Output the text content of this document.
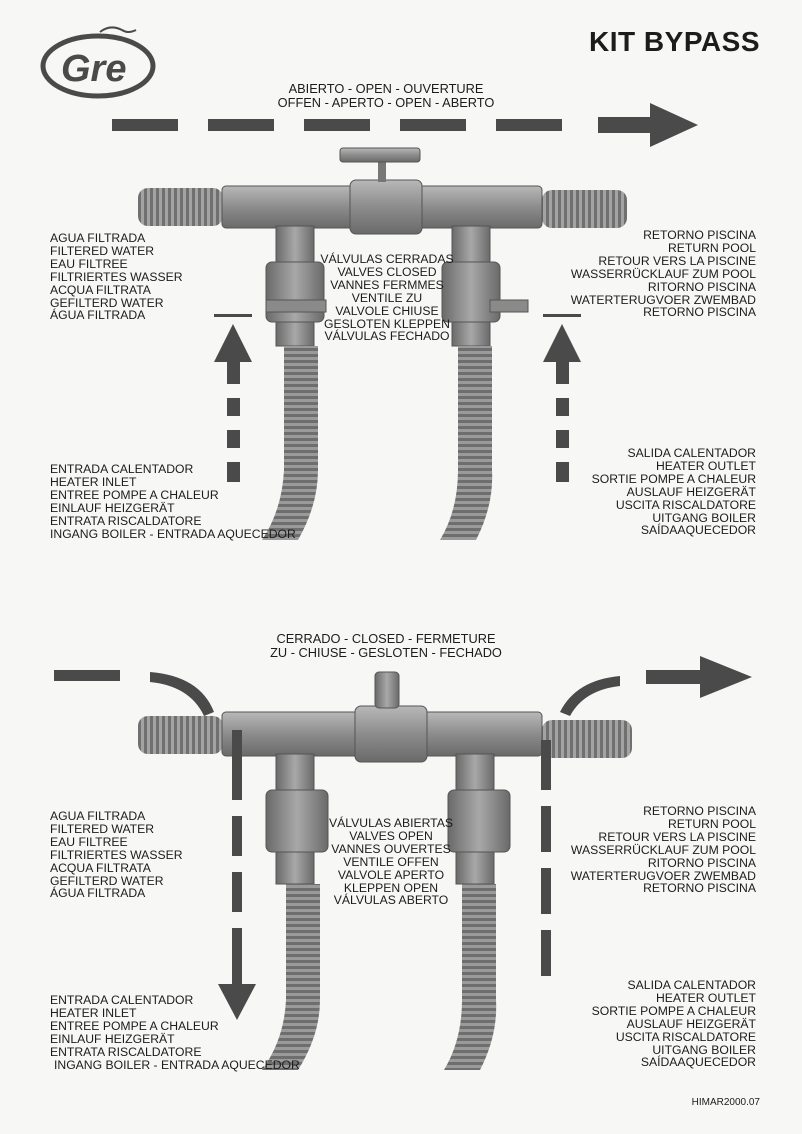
Gre
KIT BYPASS
ABIERTO - OPEN - OUVERTURE
OFFEN - APERTO - OPEN - ABERTO
AGUA FILTRADA
FILTERED WATER
EAU FILTREE
FILTRIERTES WASSER
ACQUA FILTRATA
GEFILTERD WATER
ÁGUA FILTRADA
VÁLVULAS CERRADAS
VALVES CLOSED
VANNES FERMMES
VENTILE ZU
VALVOLE CHIUSE
GESLOTEN KLEPPEN
VÁLVULAS FECHADO
RETORNO PISCINA
RETURN POOL
RETOUR VERS LA PISCINE
WASSERRÜCKLAUF ZUM POOL
RITORNO PISCINA
WATERTERUGVOER ZWEMBAD
RETORNO PISCINA
ENTRADA CALENTADOR
HEATER INLET
ENTREE POMPE A CHALEUR
EINLAUF HEIZGERÄT
ENTRATA RISCALDATORE
INGANG BOILER - ENTRADA AQUECEDOR
SALIDA CALENTADOR
HEATER OUTLET
SORTIE POMPE A CHALEUR
AUSLAUF HEIZGERÄT
USCITA RISCALDATORE
UITGANG BOILER
SAÍDAAQUECEDOR
CERRADO - CLOSED - FERMETURE
ZU - CHIUSE - GESLOTEN - FECHADO
AGUA FILTRADA
FILTERED WATER
EAU FILTREE
FILTRIERTES WASSER
ACQUA FILTRATA
GEFILTERD WATER
ÁGUA FILTRADA
VÁLVULAS ABIERTAS
VALVES OPEN
VANNES OUVERTES
VENTILE OFFEN
VALVOLE APERTO
KLEPPEN OPEN
VÁLVULAS ABERTO
RETORNO PISCINA
RETURN POOL
RETOUR VERS LA PISCINE
WASSERRÜCKLAUF ZUM POOL
RITORNO PISCINA
WATERTERUGVOER ZWEMBAD
RETORNO PISCINA
ENTRADA CALENTADOR
HEATER INLET
ENTREE POMPE A CHALEUR
EINLAUF HEIZGERÄT
ENTRATA RISCALDATORE
INGANG BOILER - ENTRADA AQUECEDOR
SALIDA CALENTADOR
HEATER OUTLET
SORTIE POMPE A CHALEUR
AUSLAUF HEIZGERÄT
USCITA RISCALDATORE
UITGANG BOILER
SAÍDAAQUECEDOR
HIMAR2000.07
